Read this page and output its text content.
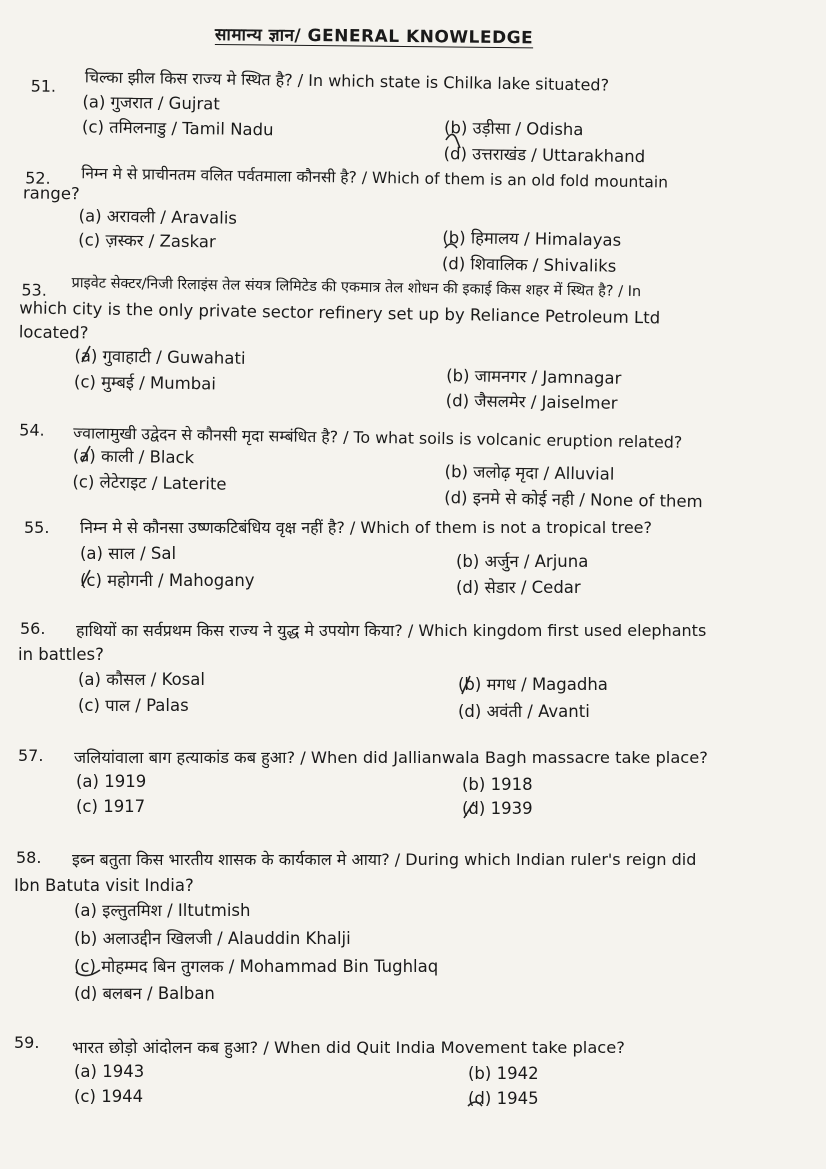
सामान्य ज्ञान/ GENERAL KNOWLEDGE
51. चिल्का झील किस राज्य मे स्थित है? / In which state is Chilka lake situated?
(a) गुजरात / Gujrat
(b) उड़ीसा / Odisha
(c) तमिलनाडु / Tamil Nadu
(d) उत्तराखंड / Uttarakhand
52. निम्न मे से प्राचीनतम वलित पर्वतमाला कौनसी है? / Which of them is an old fold mountain
range?
(a) अरावली / Aravalis
(b) हिमालय / Himalayas
(c) ज़स्कर / Zaskar
(d) शिवालिक / Shivaliks
53. प्राइवेट सेक्टर/निजी रिलाइंस तेल संयत्र लिमिटेड की एकमात्र तेल शोधन की इकाई किस शहर में स्थित है? / In
which city is the only private sector refinery set up by Reliance Petroleum Ltd
located?
(a) गुवाहाटी / Guwahati
(b) जामनगर / Jamnagar
(c) मुम्बई / Mumbai
(d) जैसलमेर / Jaiselmer
54. ज्वालामुखी उद्वेदन से कौनसी मृदा सम्बंधित है? / To what soils is volcanic eruption related?
(a) काली / Black
(b) जलोढ़ मृदा / Alluvial
(c) लेटेराइट / Laterite
(d) इनमे से कोई नही / None of them
55. निम्न मे से कौनसा उष्णकटिबंधिय वृक्ष नहीं है? / Which of them is not a tropical tree?
(a) साल / Sal	(b) अर्जुन / Arjuna
(c) महोगनी / Mahogany	(d) सेडार / Cedar
56. हाथियों का सर्वप्रथम किस राज्य ने युद्ध मे उपयोग किया? / Which kingdom first used elephants
in battles?
(a) कौसल / Kosal	(b) मगध / Magadha
(c) पाल / Palas	(d) अवंती / Avanti
57. जलियांवाला बाग हत्याकांड कब हुआ? / When did Jallianwala Bagh massacre take place?
(a) 1919	(b) 1918
(c) 1917	(d) 1939
58. इब्न बतुता किस भारतीय शासक के कार्यकाल मे आया? / During which Indian ruler's reign did
Ibn Batuta visit India?
(a) इल्तुतमिश / Iltutmish
(b) अलाउद्दीन खिलजी / Alauddin Khalji
(c) मोहम्मद बिन तुगलक / Mohammad Bin Tughlaq
(d) बलबन / Balban
59. भारत छोड़ो आंदोलन कब हुआ? / When did Quit India Movement take place?
(a) 1943	(b) 1942
(c) 1944	(d) 1945
